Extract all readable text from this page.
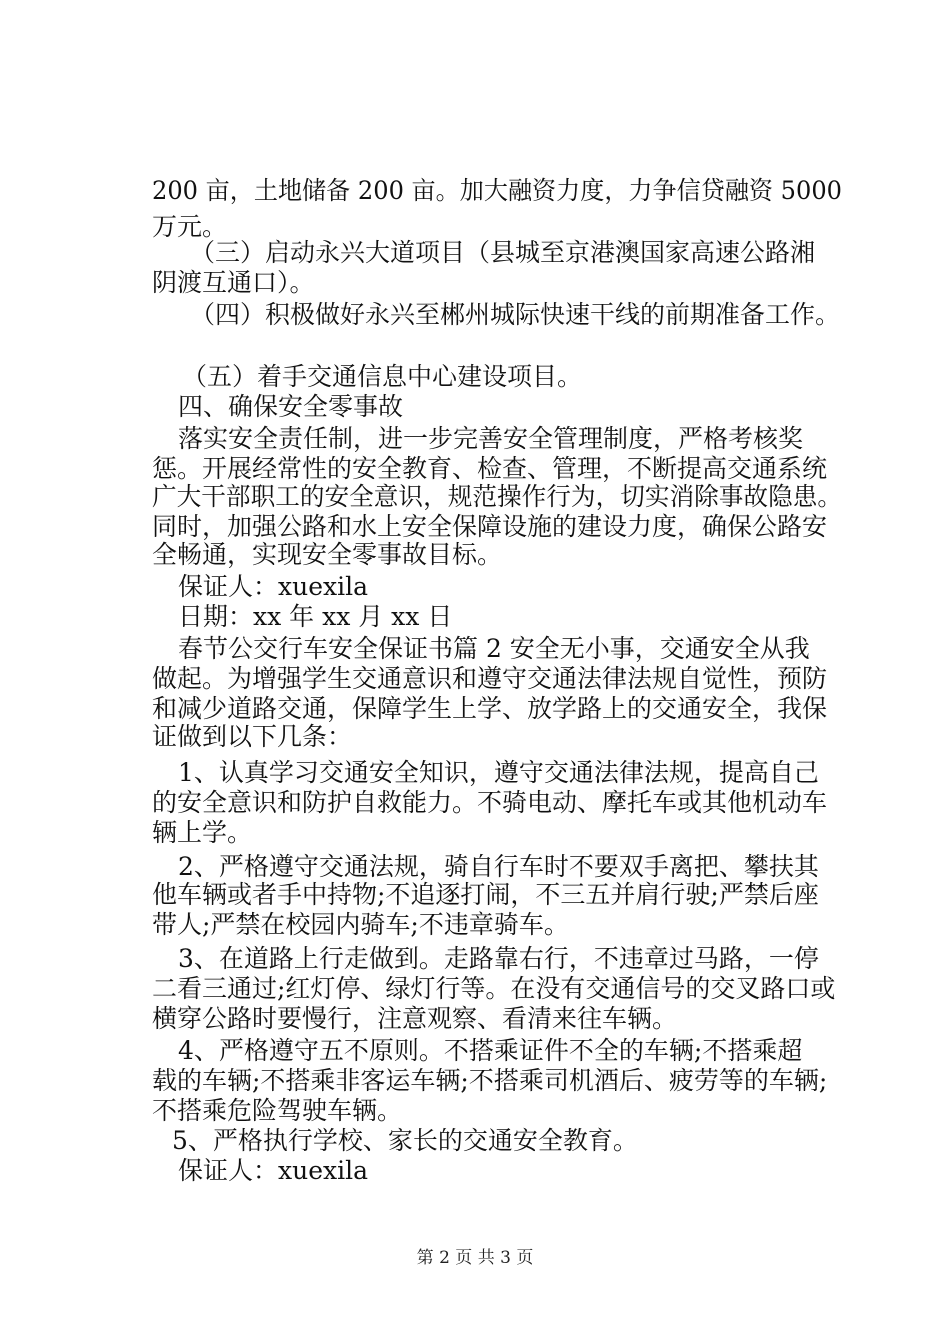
200 亩，土地储备 200 亩。加大融资力度，力争信贷融资 5000
万元。
（三）启动永兴大道项目（县城至京港澳国家高速公路湘
阴渡互通口）。
（四）积极做好永兴至郴州城际快速干线的前期准备工作。
（五）着手交通信息中心建设项目。
四、确保安全零事故
落实安全责任制，进一步完善安全管理制度，严格考核奖
惩。开展经常性的安全教育、检查、管理，不断提高交通系统
广大干部职工的安全意识，规范操作行为，切实消除事故隐患。
同时，加强公路和水上安全保障设施的建设力度，确保公路安
全畅通，实现安全零事故目标。
保证人：xuexila
日期：xx 年 xx 月 xx 日
春节公交行车安全保证书篇 2 安全无小事，交通安全从我
做起。为增强学生交通意识和遵守交通法律法规自觉性，预防
和减少道路交通，保障学生上学、放学路上的交通安全，我保
证做到以下几条：
1、认真学习交通安全知识，遵守交通法律法规，提高自己
的安全意识和防护自救能力。不骑电动、摩托车或其他机动车
辆上学。
2、严格遵守交通法规，骑自行车时不要双手离把、攀扶其
他车辆或者手中持物;不追逐打闹，不三五并肩行驶;严禁后座
带人;严禁在校园内骑车;不违章骑车。
3、在道路上行走做到。走路靠右行，不违章过马路，一停
二看三通过;红灯停、绿灯行等。在没有交通信号的交叉路口或
横穿公路时要慢行，注意观察、看清来往车辆。
4、严格遵守五不原则。不搭乘证件不全的车辆;不搭乘超
载的车辆;不搭乘非客运车辆;不搭乘司机酒后、疲劳等的车辆;
不搭乘危险驾驶车辆。
5、严格执行学校、家长的交通安全教育。
保证人：xuexila
第 2 页 共 3 页
